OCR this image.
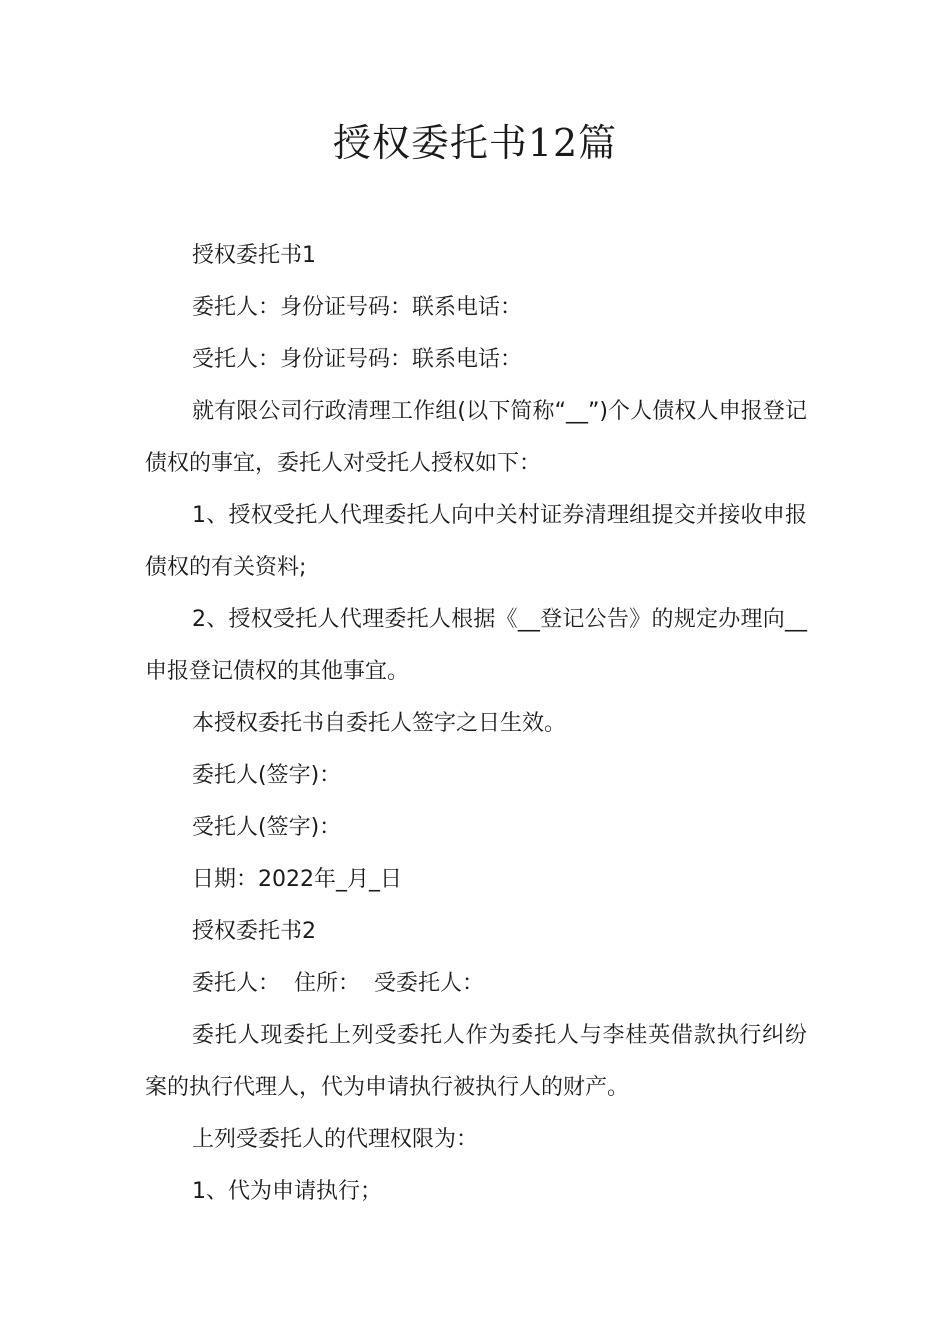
授权委托书12篇

授权委托书1

委托人：身份证号码：联系电话：

受托人：身份证号码：联系电话：

就有限公司行政清理工作组(以下简称“__”)个人债权人申报登记债权的事宜，委托人对受托人授权如下：

1、授权受托人代理委托人向中关村证券清理组提交并接收申报债权的有关资料;

2、授权受托人代理委托人根据《__登记公告》的规定办理向__申报登记债权的其他事宜。

本授权委托书自委托人签字之日生效。

委托人(签字)：

受托人(签字)：

日期：2022年_月_日

授权委托书2

委托人：  住所：  受委托人：

委托人现委托上列受委托人作为委托人与李桂英借款执行纠纷案的执行代理人，代为申请执行被执行人的财产。

上列受委托人的代理权限为：

1、代为申请执行；
